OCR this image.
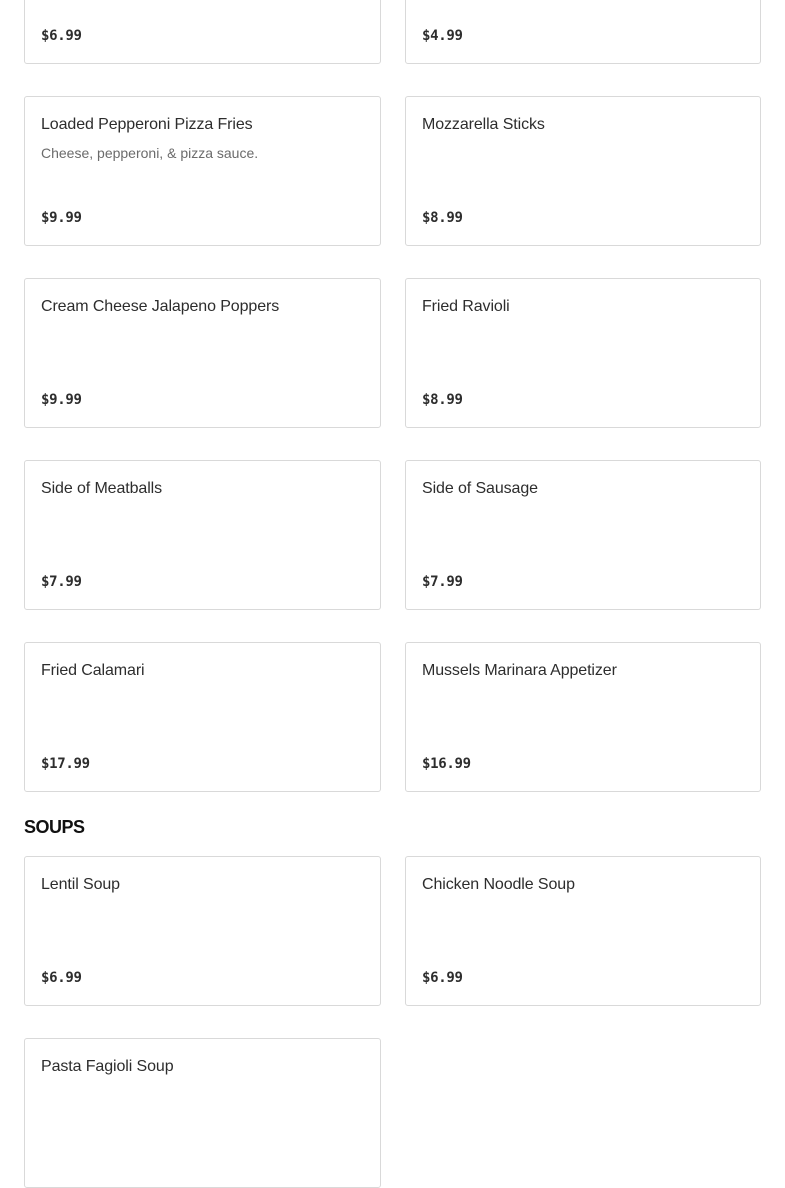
$6.99	$4.99
Loaded Pepperoni Pizza Fries
Cheese, pepperoni, & pizza sauce.
$9.99
Mozzarella Sticks
$8.99
Cream Cheese Jalapeno Poppers
$9.99
Fried Ravioli
$8.99
Side of Meatballs
$7.99
Side of Sausage
$7.99
Fried Calamari
$17.99
Mussels Marinara Appetizer
$16.99
SOUPS
Lentil Soup
$6.99
Chicken Noodle Soup
$6.99
Pasta Fagioli Soup
